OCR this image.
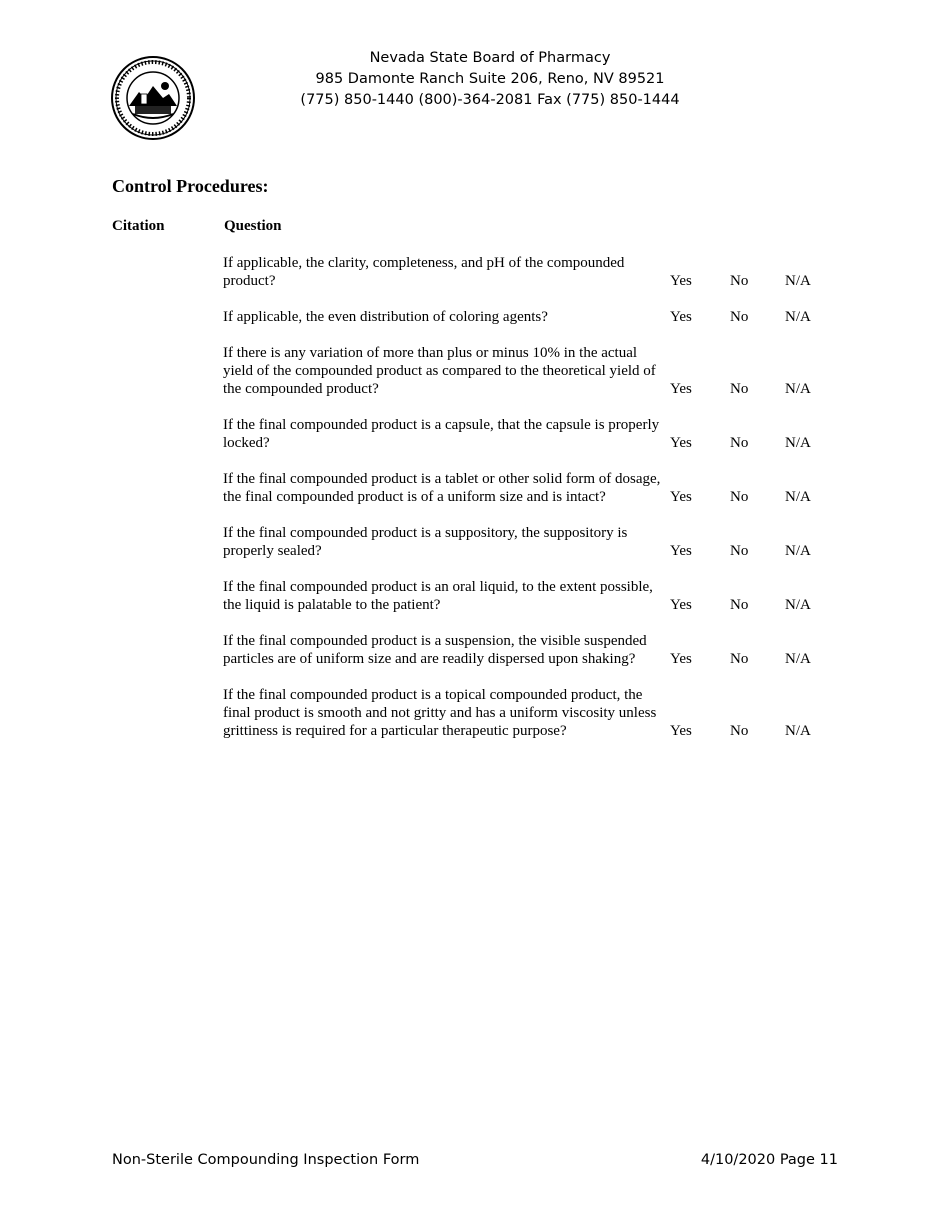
Nevada State Board of Pharmacy
985 Damonte Ranch Suite 206, Reno, NV 89521
(775) 850-1440 (800)-364-2081 Fax (775) 850-1444
Control Procedures:
Citation	Question
If applicable, the clarity, completeness, and pH of the compounded product?	Yes	No	N/A
If applicable, the even distribution of coloring agents?	Yes	No	N/A
If there is any variation of more than plus or minus 10% in the actual yield of the compounded product as compared to the theoretical yield of the compounded product?	Yes	No	N/A
If the final compounded product is a capsule, that the capsule is properly locked?	Yes	No	N/A
If the final compounded product is a tablet or other solid form of dosage, the final compounded product is of a uniform size and is intact?	Yes	No	N/A
If the final compounded product is a suppository, the suppository is properly sealed?	Yes	No	N/A
If the final compounded product is an oral liquid, to the extent possible, the liquid is palatable to the patient?	Yes	No	N/A
If the final compounded product is a suspension, the visible suspended particles are of uniform size and are readily dispersed upon shaking?	Yes	No	N/A
If the final compounded product is a topical compounded product, the final product is smooth and not gritty and has a uniform viscosity unless grittiness is required for a particular therapeutic purpose?	Yes	No	N/A
Non-Sterile Compounding Inspection Form	4/10/2020 Page 11
